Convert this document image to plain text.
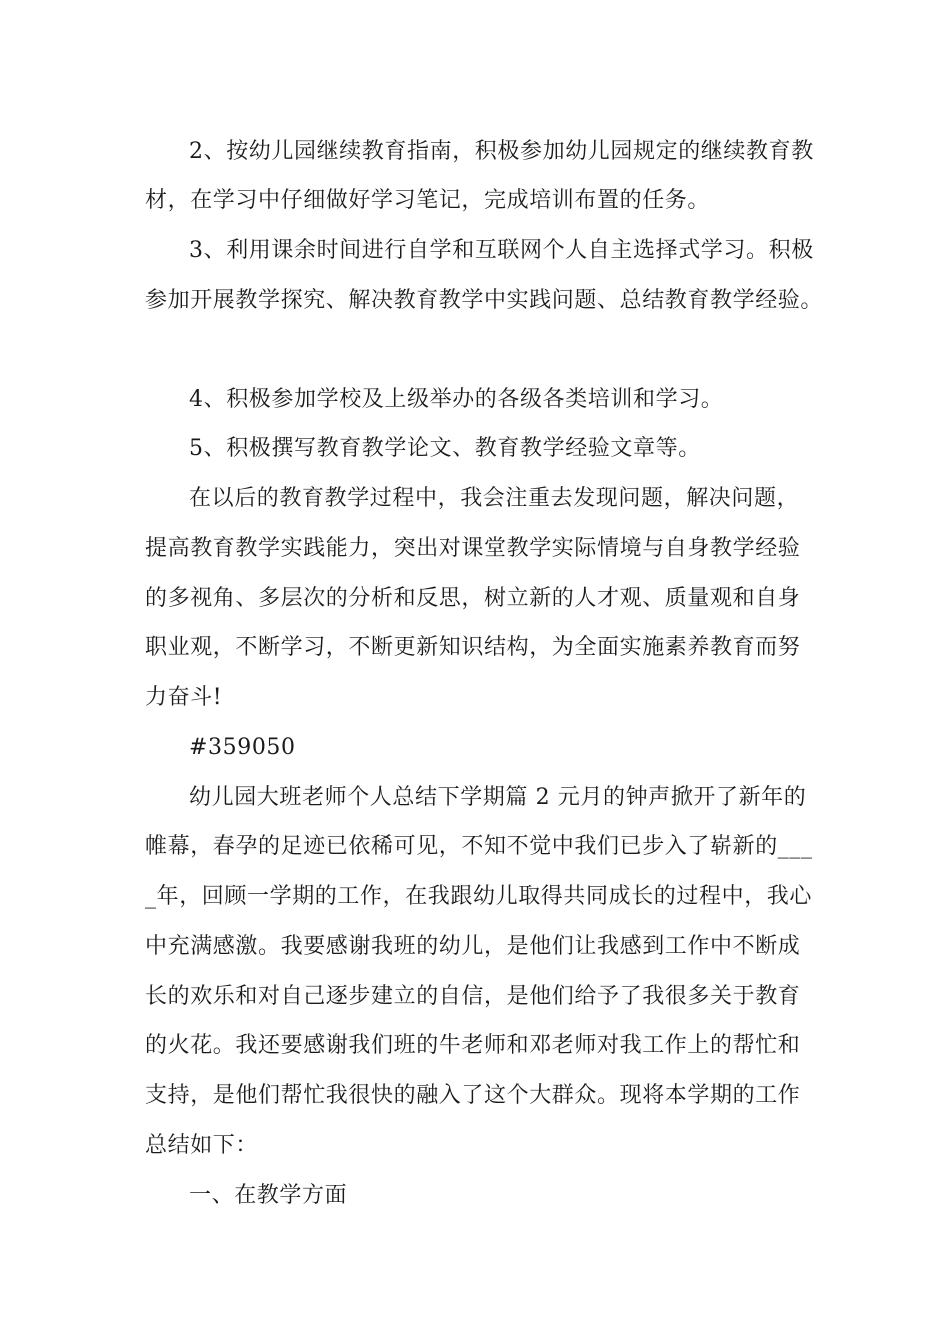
2、按幼儿园继续教育指南，积极参加幼儿园规定的继续教育教
材，在学习中仔细做好学习笔记，完成培训布置的任务。
3、利用课余时间进行自学和互联网个人自主选择式学习。积极
参加开展教学探究、解决教育教学中实践问题、总结教育教学经验。
4、积极参加学校及上级举办的各级各类培训和学习。
5、积极撰写教育教学论文、教育教学经验文章等。
在以后的教育教学过程中，我会注重去发现问题，解决问题，
提高教育教学实践能力，突出对课堂教学实际情境与自身教学经验
的多视角、多层次的分析和反思，树立新的人才观、质量观和自身
职业观，不断学习，不断更新知识结构，为全面实施素养教育而努
力奋斗!
#359050
幼儿园大班老师个人总结下学期篇 2 元月的钟声掀开了新年的
帷幕，春孕的足迹已依稀可见，不知不觉中我们已步入了崭新的___
_年，回顾一学期的工作，在我跟幼儿取得共同成长的过程中，我心
中充满感激。我要感谢我班的幼儿，是他们让我感到工作中不断成
长的欢乐和对自己逐步建立的自信，是他们给予了我很多关于教育
的火花。我还要感谢我们班的牛老师和邓老师对我工作上的帮忙和
支持，是他们帮忙我很快的融入了这个大群众。现将本学期的工作
总结如下：
一、在教学方面
